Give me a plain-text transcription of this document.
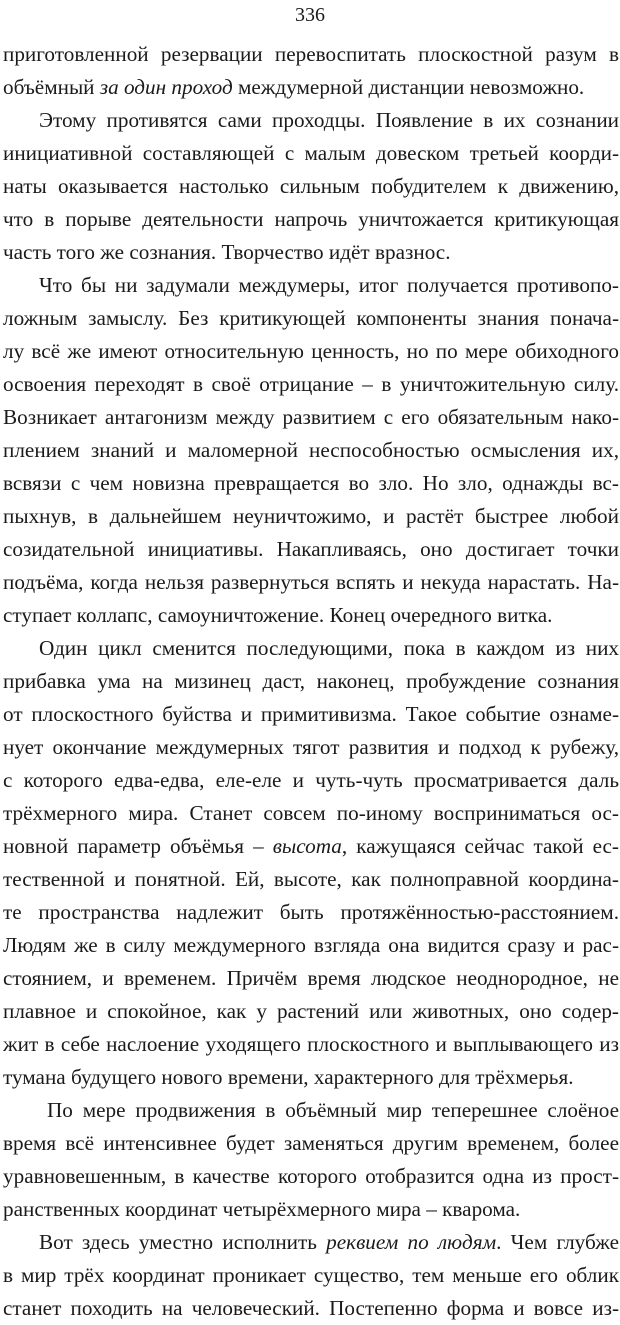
336
приготовленной резервации перевоспитать плоскостной разум в
объёмный за один проход междумерной дистанции невозможно.
Этому противятся сами проходцы. Появление в их сознании
инициативной составляющей с малым довеском третьей коорди-
наты оказывается настолько сильным побудителем к движению,
что в порыве деятельности напрочь уничтожается критикующая
часть того же сознания. Творчество идёт вразнос.
Что бы ни задумали междумеры, итог получается противопо-
ложным замыслу. Без критикующей компоненты знания понача-
лу всё же имеют относительную ценность, но по мере обиходного
освоения переходят в своё отрицание – в уничтожительную силу.
Возникает антагонизм между развитием с его обязательным нако-
плением знаний и маломерной неспособностью осмысления их,
всвязи с чем новизна превращается во зло. Но зло, однажды вс-
пыхнув, в дальнейшем неуничтожимо, и растёт быстрее любой
созидательной инициативы. Накапливаясь, оно достигает точки
подъёма, когда нельзя развернуться вспять и некуда нарастать. На-
ступает коллапс, самоуничтожение. Конец очередного витка.
Один цикл сменится последующими, пока в каждом из них
прибавка ума на мизинец даст, наконец, пробуждение сознания
от плоскостного буйства и примитивизма. Такое событие ознаме-
нует окончание междумерных тягот развития и подход к рубежу,
с которого едва-едва, еле-еле и чуть-чуть просматривается даль
трёхмерного мира. Станет совсем по-иному восприниматься ос-
новной параметр объёмья – высота, кажущаяся сейчас такой ес-
тественной и понятной. Ей, высоте, как полноправной координа-
те пространства надлежит быть протяжённостью-расстоянием.
Людям же в силу междумерного взгляда она видится сразу и рас-
стоянием, и временем. Причём время людское неоднородное, не
плавное и спокойное, как у растений или животных, оно содер-
жит в себе наслоение уходящего плоскостного и выплывающего из
тумана будущего нового времени, характерного для трёхмерья.
По мере продвижения в объёмный мир теперешнее слоёное
время всё интенсивнее будет заменяться другим временем, более
уравновешенным, в качестве которого отобразится одна из прост-
ранственных координат четырёхмерного мира – кварома.
Вот здесь уместно исполнить реквием по людям. Чем глубже
в мир трёх координат проникает существо, тем меньше его облик
станет походить на человеческий. Постепенно форма и вовсе из-
